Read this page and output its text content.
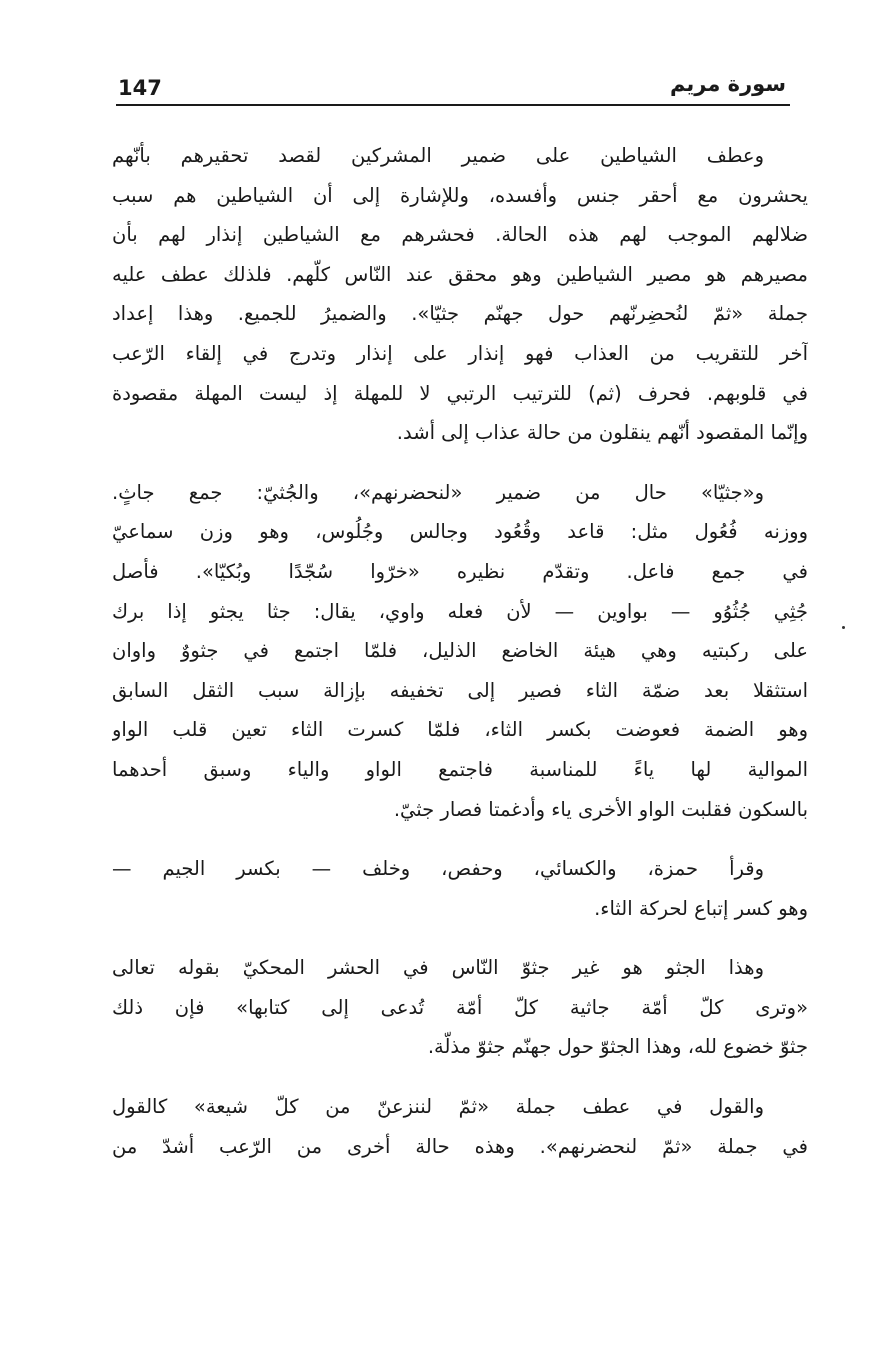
147	سورة مريم
وعطف الشياطين على ضمير المشركين لقصد تحقيرهم بأنّهم
يحشرون مع أحقر جنس وأفسده، وللإشارة إلى أن الشياطين هم سبب
ضلالهم الموجب لهم هذه الحالة. فحشرهم مع الشياطين إنذار لهم بأن
مصيرهم هو مصير الشياطين وهو محقق عند النّاس كلّهم. فلذلك عطف عليه
جملة «ثمّ لنُحضِرنّهم حول جهنّم جثيّا». والضميرُ للجميع. وهذا إعداد
آخر للتقريب من العذاب فهو إنذار على إنذار وتدرج في إلقاء الرّعب
في قلوبهم. فحرف (ثم) للترتيب الرتبي لا للمهلة إذ ليست المهلة مقصودة
وإنّما المقصود أنّهم ينقلون من حالة عذاب إلى أشد.
و«جثيّا» حال من ضمير «لنحضرنهم»، والجُثيّ: جمع جاثٍ.
ووزنه فُعُول مثل: قاعد وقُعُود وجالس وجُلُوس، وهو وزن سماعيّ
في جمع فاعل. وتقدّم نظيره «خرّوا سُجّدًا وبُكيّا». فأصل
جُثِي جُثُوُو — بواوين — لأن فعله واوي، يقال: جثا يجثو إذا برك
على ركبتيه وهي هيئة الخاضع الذليل، فلمّا اجتمع في جثووٌ واوان
استثقلا بعد ضمّة الثاء فصير إلى تخفيفه بإزالة سبب الثقل السابق
وهو الضمة فعوضت بكسر الثاء، فلمّا كسرت الثاء تعين قلب الواو
الموالية لها ياءً للمناسبة فاجتمع الواو والياء وسبق أحدهما
بالسكون فقلبت الواو الأخرى ياء وأدغمتا فصار جثيّ.
وقرأ حمزة، والكسائي، وحفص، وخلف — بكسر الجيم —
وهو كسر إتباع لحركة الثاء.
وهذا الجثو هو غير جثوّ النّاس في الحشر المحكيّ بقوله تعالى
«وترى كلّ أمّة جاثية كلّ أمّة تُدعى إلى كتابها» فإن ذلك
جثوّ خضوع لله، وهذا الجثوّ حول جهنّم جثوّ مذلّة.
والقول في عطف جملة «ثمّ لننزعنّ من كلّ شيعة» كالقول
في جملة «ثمّ لنحضرنهم». وهذه حالة أخرى من الرّعب أشدّ من
